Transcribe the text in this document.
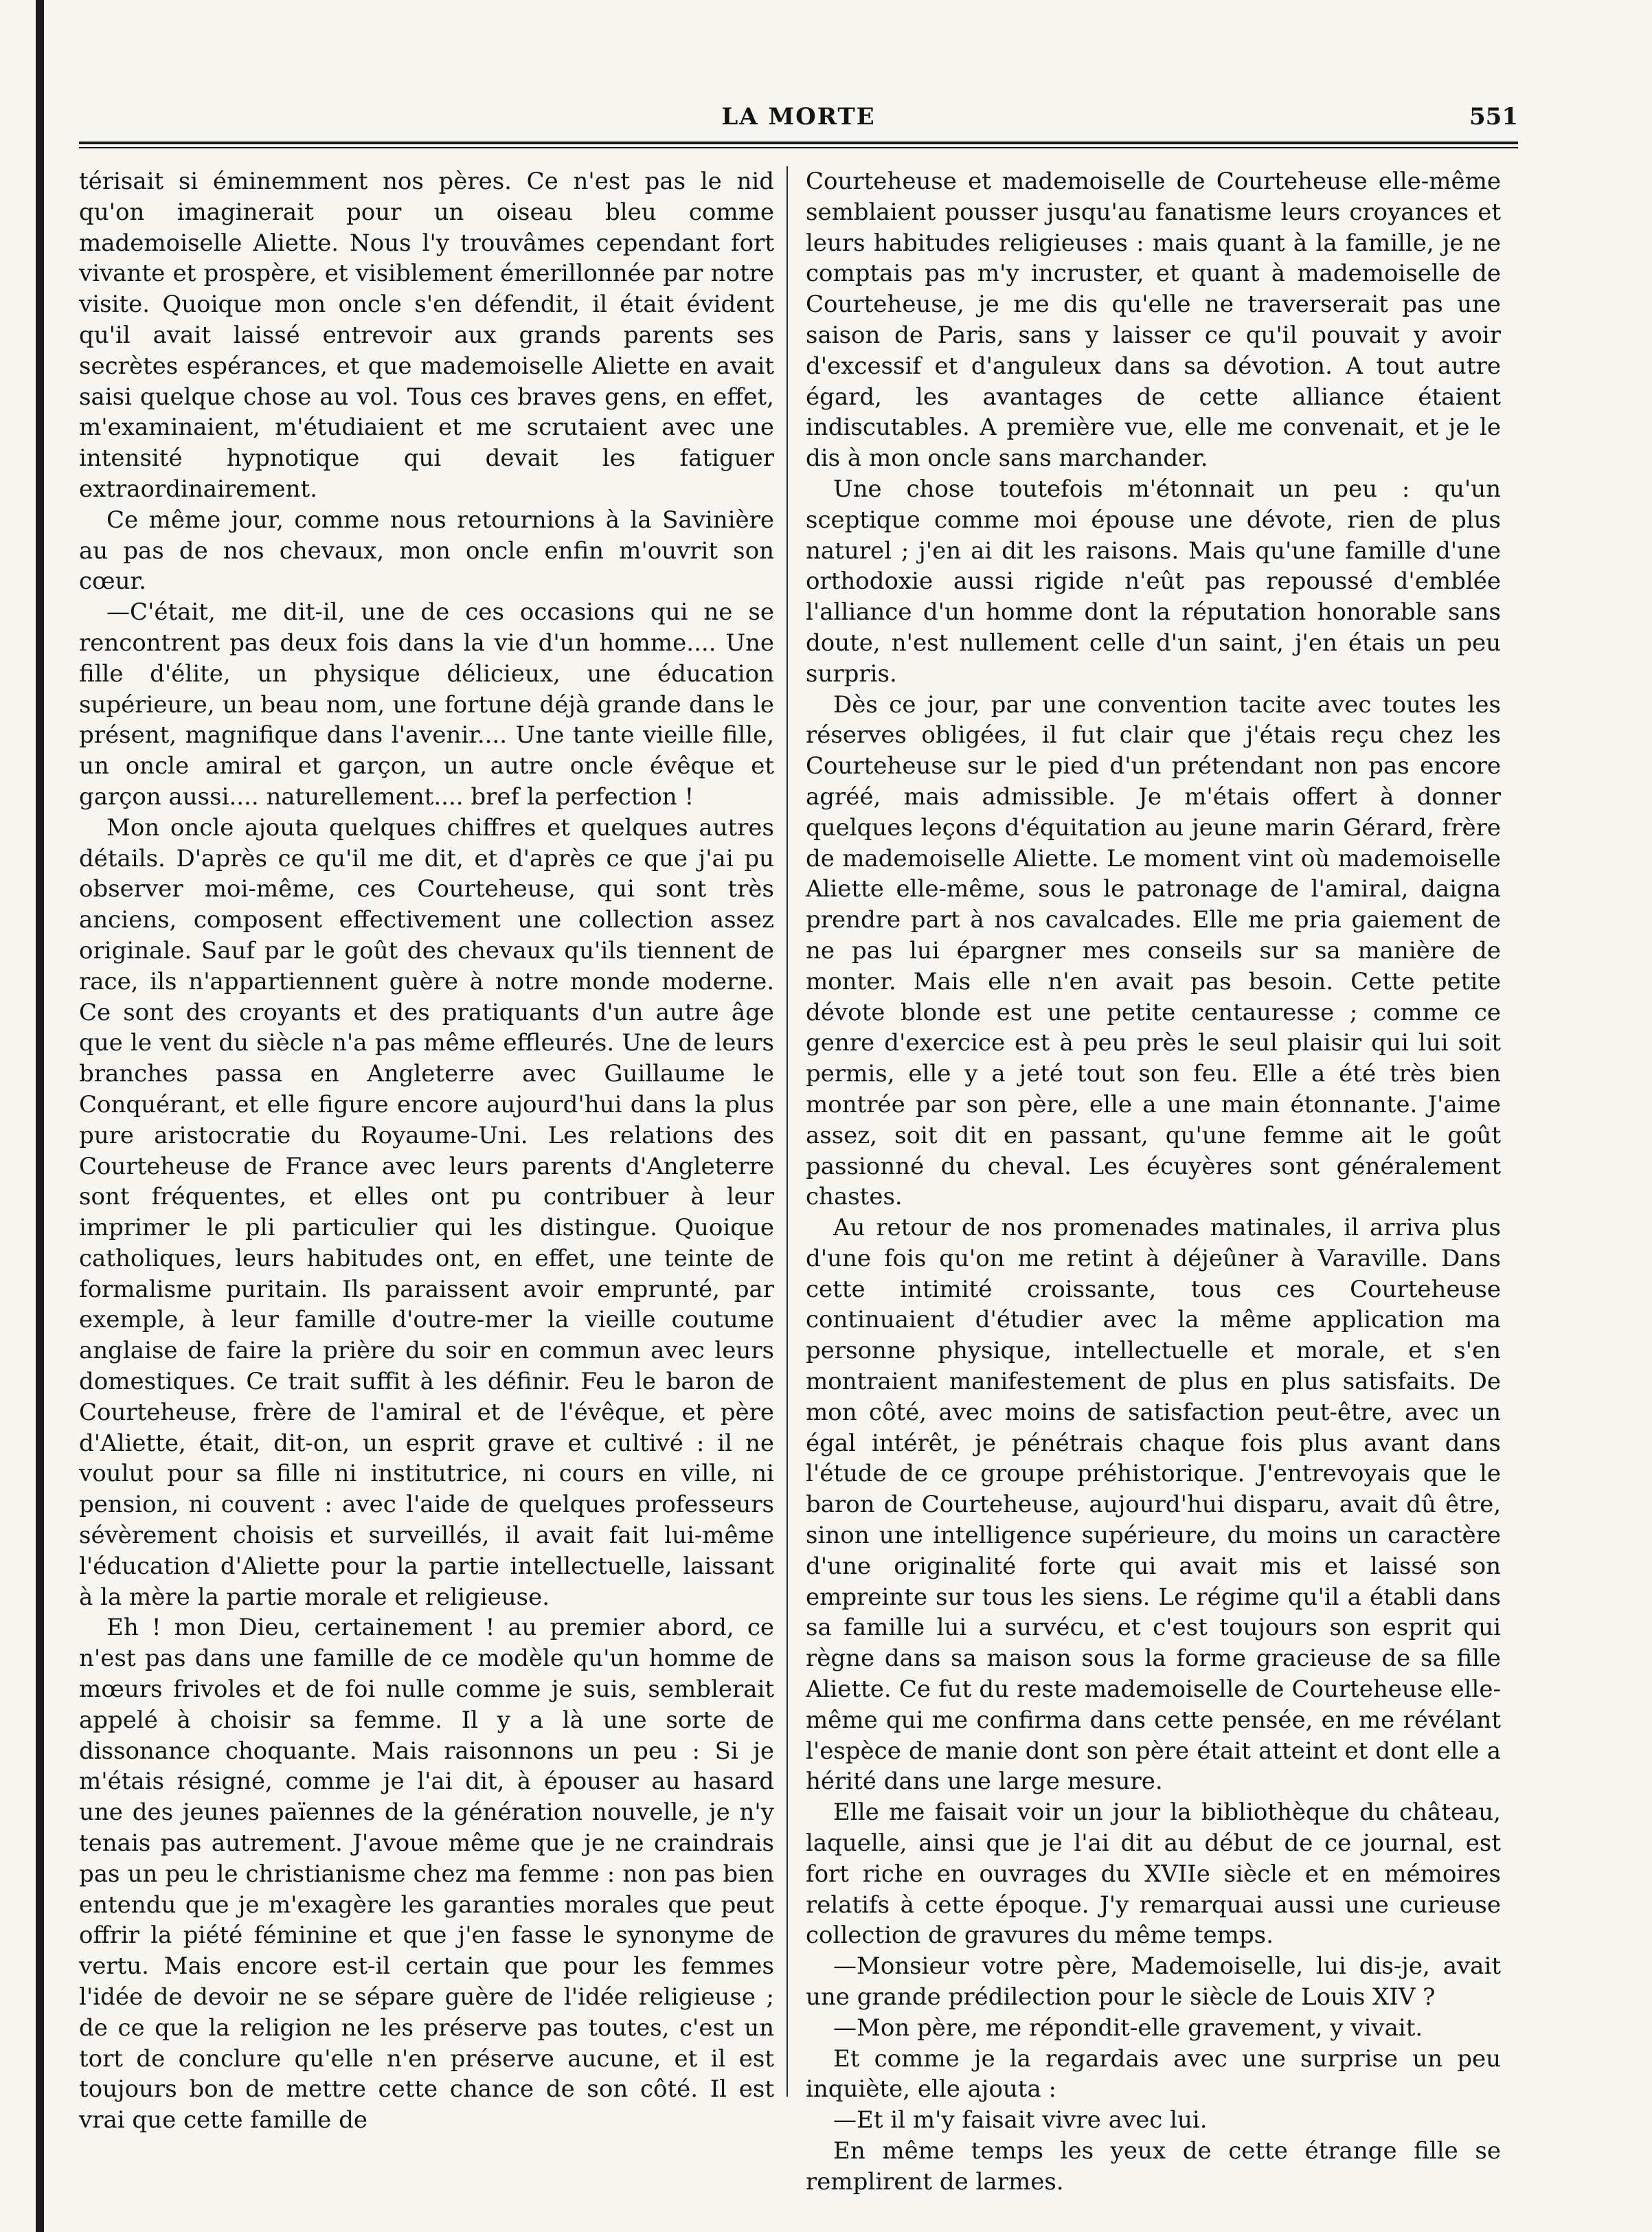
LA MORTE	551

térisait si éminemment nos pères. Ce n'est pas le nid qu'on imaginerait pour un oiseau bleu comme mademoiselle Aliette. Nous l'y trouvâmes cependant fort vivante et prospère, et visiblement émerillonnée par notre visite. Quoique mon oncle s'en défendit, il était évident qu'il avait laissé entrevoir aux grands parents ses secrètes espérances, et que mademoiselle Aliette en avait saisi quelque chose au vol. Tous ces braves gens, en effet, m'examinaient, m'étudiaient et me scrutaient avec une intensité hypnotique qui devait les fatiguer extraordinairement.

Ce même jour, comme nous retournions à la Savinière au pas de nos chevaux, mon oncle enfin m'ouvrit son cœur.

—C'était, me dit-il, une de ces occasions qui ne se rencontrent pas deux fois dans la vie d'un homme.... Une fille d'élite, un physique délicieux, une éducation supérieure, un beau nom, une fortune déjà grande dans le présent, magnifique dans l'avenir.... Une tante vieille fille, un oncle amiral et garçon, un autre oncle évêque et garçon aussi.... naturellement.... bref la perfection !

Mon oncle ajouta quelques chiffres et quelques autres détails. D'après ce qu'il me dit, et d'après ce que j'ai pu observer moi-même, ces Courteheuse, qui sont très anciens, composent effectivement une collection assez originale. Sauf par le goût des chevaux qu'ils tiennent de race, ils n'appartiennent guère à notre monde moderne. Ce sont des croyants et des pratiquants d'un autre âge que le vent du siècle n'a pas même effleurés. Une de leurs branches passa en Angleterre avec Guillaume le Conquérant, et elle figure encore aujourd'hui dans la plus pure aristocratie du Royaume-Uni. Les relations des Courteheuse de France avec leurs parents d'Angleterre sont fréquentes, et elles ont pu contribuer à leur imprimer le pli particulier qui les distingue. Quoique catholiques, leurs habitudes ont, en effet, une teinte de formalisme puritain. Ils paraissent avoir emprunté, par exemple, à leur famille d'outre-mer la vieille coutume anglaise de faire la prière du soir en commun avec leurs domestiques. Ce trait suffit à les définir. Feu le baron de Courteheuse, frère de l'amiral et de l'évêque, et père d'Aliette, était, dit-on, un esprit grave et cultivé : il ne voulut pour sa fille ni institutrice, ni cours en ville, ni pension, ni couvent : avec l'aide de quelques professeurs sévèrement choisis et surveillés, il avait fait lui-même l'éducation d'Aliette pour la partie intellectuelle, laissant à la mère la partie morale et religieuse.

Eh ! mon Dieu, certainement ! au premier abord, ce n'est pas dans une famille de ce modèle qu'un homme de mœurs frivoles et de foi nulle comme je suis, semblerait appelé à choisir sa femme. Il y a là une sorte de dissonance choquante. Mais raisonnons un peu : Si je m'étais résigné, comme je l'ai dit, à épouser au hasard une des jeunes païennes de la génération nouvelle, je n'y tenais pas autrement. J'avoue même que je ne craindrais pas un peu le christianisme chez ma femme : non pas bien entendu que je m'exagère les garanties morales que peut offrir la piété féminine et que j'en fasse le synonyme de vertu. Mais encore est-il certain que pour les femmes l'idée de devoir ne se sépare guère de l'idée religieuse ; de ce que la religion ne les préserve pas toutes, c'est un tort de conclure qu'elle n'en préserve aucune, et il est toujours bon de mettre cette chance de son côté. Il est vrai que cette famille de

Courteheuse et mademoiselle de Courteheuse elle-même semblaient pousser jusqu'au fanatisme leurs croyances et leurs habitudes religieuses : mais quant à la famille, je ne comptais pas m'y incruster, et quant à mademoiselle de Courteheuse, je me dis qu'elle ne traverserait pas une saison de Paris, sans y laisser ce qu'il pouvait y avoir d'excessif et d'anguleux dans sa dévotion. A tout autre égard, les avantages de cette alliance étaient indiscutables. A première vue, elle me convenait, et je le dis à mon oncle sans marchander.

Une chose toutefois m'étonnait un peu : qu'un sceptique comme moi épouse une dévote, rien de plus naturel ; j'en ai dit les raisons. Mais qu'une famille d'une orthodoxie aussi rigide n'eût pas repoussé d'emblée l'alliance d'un homme dont la réputation honorable sans doute, n'est nullement celle d'un saint, j'en étais un peu surpris.

Dès ce jour, par une convention tacite avec toutes les réserves obligées, il fut clair que j'étais reçu chez les Courteheuse sur le pied d'un prétendant non pas encore agréé, mais admissible. Je m'étais offert à donner quelques leçons d'équitation au jeune marin Gérard, frère de mademoiselle Aliette. Le moment vint où mademoiselle Aliette elle-même, sous le patronage de l'amiral, daigna prendre part à nos cavalcades. Elle me pria gaiement de ne pas lui épargner mes conseils sur sa manière de monter. Mais elle n'en avait pas besoin. Cette petite dévote blonde est une petite centauresse ; comme ce genre d'exercice est à peu près le seul plaisir qui lui soit permis, elle y a jeté tout son feu. Elle a été très bien montrée par son père, elle a une main étonnante. J'aime assez, soit dit en passant, qu'une femme ait le goût passionné du cheval. Les écuyères sont généralement chastes.

Au retour de nos promenades matinales, il arriva plus d'une fois qu'on me retint à déjeûner à Varaville. Dans cette intimité croissante, tous ces Courteheuse continuaient d'étudier avec la même application ma personne physique, intellectuelle et morale, et s'en montraient manifestement de plus en plus satisfaits. De mon côté, avec moins de satisfaction peut-être, avec un égal intérêt, je pénétrais chaque fois plus avant dans l'étude de ce groupe préhistorique. J'entrevoyais que le baron de Courteheuse, aujourd'hui disparu, avait dû être, sinon une intelligence supérieure, du moins un caractère d'une originalité forte qui avait mis et laissé son empreinte sur tous les siens. Le régime qu'il a établi dans sa famille lui a survécu, et c'est toujours son esprit qui règne dans sa maison sous la forme gracieuse de sa fille Aliette. Ce fut du reste mademoiselle de Courteheuse elle-même qui me confirma dans cette pensée, en me révélant l'espèce de manie dont son père était atteint et dont elle a hérité dans une large mesure.

Elle me faisait voir un jour la bibliothèque du château, laquelle, ainsi que je l'ai dit au début de ce journal, est fort riche en ouvrages du XVIIe siècle et en mémoires relatifs à cette époque. J'y remarquai aussi une curieuse collection de gravures du même temps.

—Monsieur votre père, Mademoiselle, lui dis-je, avait une grande prédilection pour le siècle de Louis XIV ?

—Mon père, me répondit-elle gravement, y vivait.

Et comme je la regardais avec une surprise un peu inquiète, elle ajouta :

—Et il m'y faisait vivre avec lui.

En même temps les yeux de cette étrange fille se remplirent de larmes.
